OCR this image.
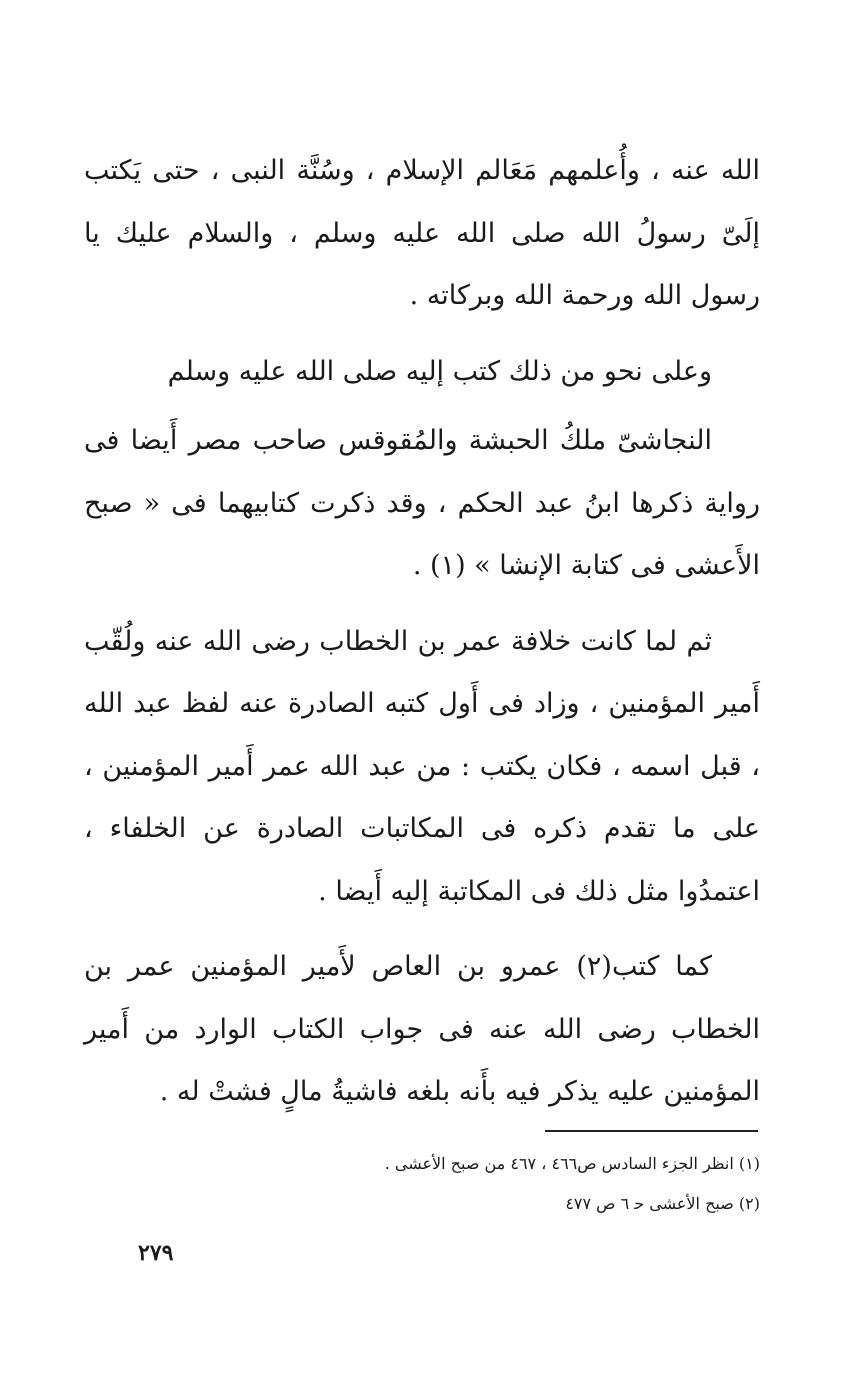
الله عنه ، وأُعلمهم مَعَالم الإسلام ، وسُنَّة النبى ، حتى يَكتب إلَىّ رسولُ الله صلى الله عليه وسلم ، والسلام عليك يا رسول الله ورحمة الله وبركاته .

وعلى نحو من ذلك كتب إليه صلى الله عليه وسلم

النجاشىّ ملكُ الحبشة والمُقوقس صاحب مصر أَيضا فى رواية ذكرها ابنُ عبد الحكم ، وقد ذكرت كتابيهما فى « صبح الأَعشى فى كتابة الإنشا » (١) .

ثم لما كانت خلافة عمر بن الخطاب رضى الله عنه ولُقّب أَمير المؤمنين ، وزاد فى أَول كتبه الصادرة عنه لفظ عبد الله ، قبل اسمه ، فكان يكتب : من عبد الله عمر أَمير المؤمنين ، على ما تقدم ذكره فى المكاتبات الصادرة عن الخلفاء ، اعتمدُوا مثل ذلك فى المكاتبة إليه أَيضا .

كما كتب(٢) عمرو بن العاص لأَمير المؤمنين عمر بن الخطاب رضى الله عنه فى جواب الكتاب الوارد من أَمير المؤمنين عليه يذكر فيه بأَنه بلغه فاشيةُ مالٍ فشتْ له .

(١) انظر الجزء السادس ص٤٦٦ ، ٤٦٧ من صبح الأعشى .

(٢) صبح الأعشى ﺣ ٦ ص ٤٧٧

٢٧٩
